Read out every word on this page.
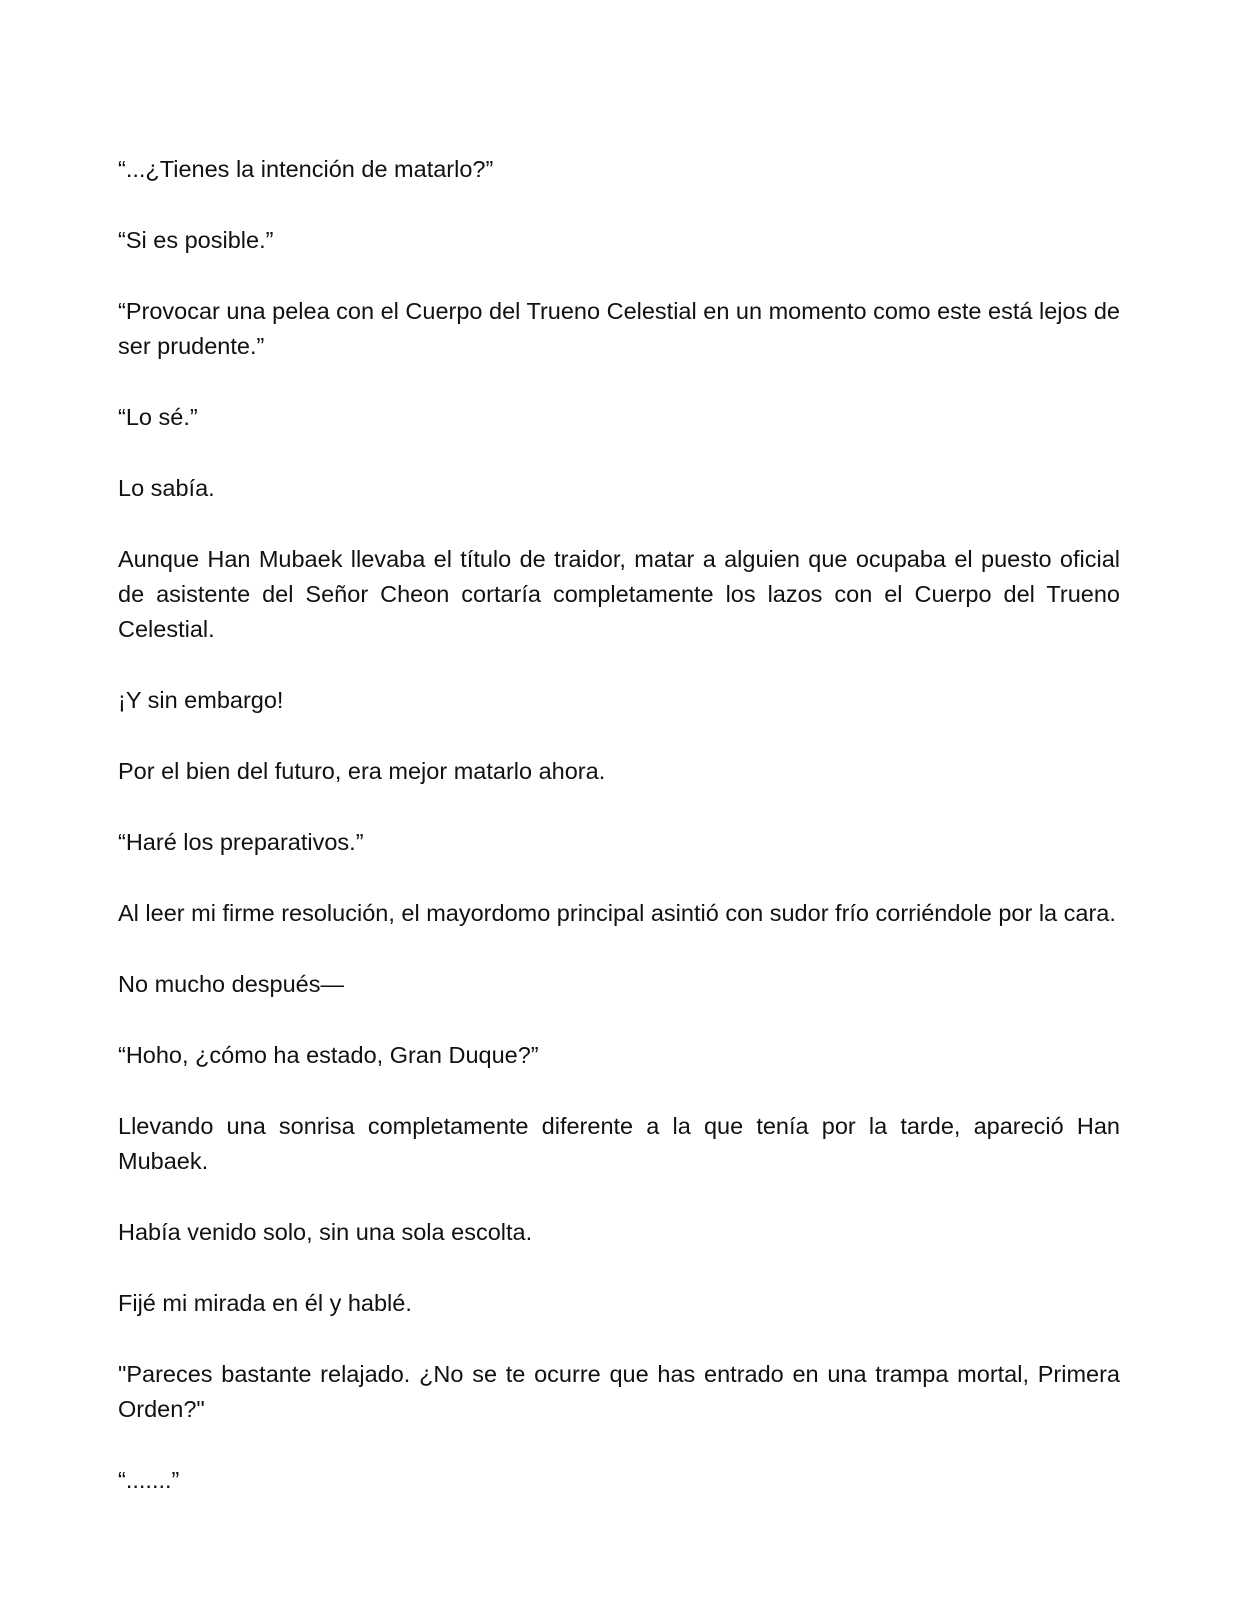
“...¿Tienes la intención de matarlo?”

“Si es posible.”

“Provocar una pelea con el Cuerpo del Trueno Celestial en un momento como este está lejos de ser prudente.”

“Lo sé.”

Lo sabía.

Aunque Han Mubaek llevaba el título de traidor, matar a alguien que ocupaba el puesto oficial de asistente del Señor Cheon cortaría completamente los lazos con el Cuerpo del Trueno Celestial.

¡Y sin embargo!

Por el bien del futuro, era mejor matarlo ahora.

“Haré los preparativos.”

Al leer mi firme resolución, el mayordomo principal asintió con sudor frío corriéndole por la cara.

No mucho después—

“Hoho, ¿cómo ha estado, Gran Duque?”

Llevando una sonrisa completamente diferente a la que tenía por la tarde, apareció Han Mubaek.

Había venido solo, sin una sola escolta.

Fijé mi mirada en él y hablé.

"Pareces bastante relajado. ¿No se te ocurre que has entrado en una trampa mortal, Primera Orden?"

“.......”
